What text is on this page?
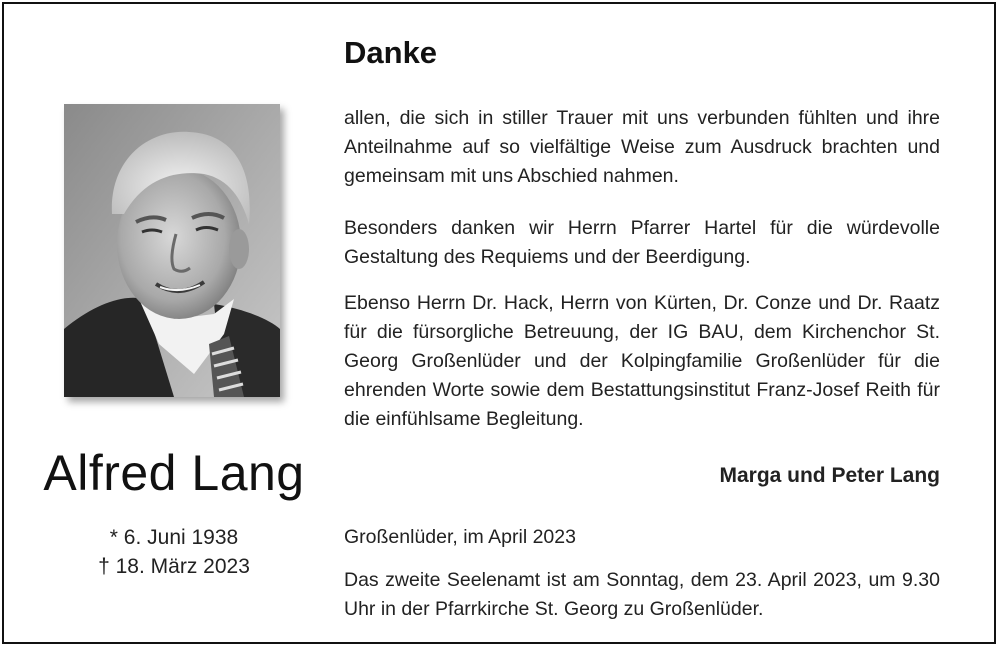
Alfred Lang
* 6. Juni 1938
† 18. März 2023
Danke

allen, die sich in stiller Trauer mit uns verbunden fühlten und ihre Anteilnahme auf so vielfältige Weise zum Ausdruck brachten und gemeinsam mit uns Abschied nahmen.

Besonders danken wir Herrn Pfarrer Hartel für die würdevolle Gestaltung des Requiems und der Beerdigung.

Ebenso Herrn Dr. Hack, Herrn von Kürten, Dr. Conze und Dr. Raatz für die fürsorgliche Betreuung, der IG BAU, dem Kirchenchor St. Georg Großenlüder und der Kolpingfamilie Großenlüder für die ehrenden Worte sowie dem Bestattungsinstitut Franz-Josef Reith für die einfühlsame Begleitung.

Marga und Peter Lang
Großenlüder, im April 2023

Das zweite Seelenamt ist am Sonntag, dem 23. April 2023, um 9.30 Uhr in der Pfarrkirche St. Georg zu Großenlüder.
